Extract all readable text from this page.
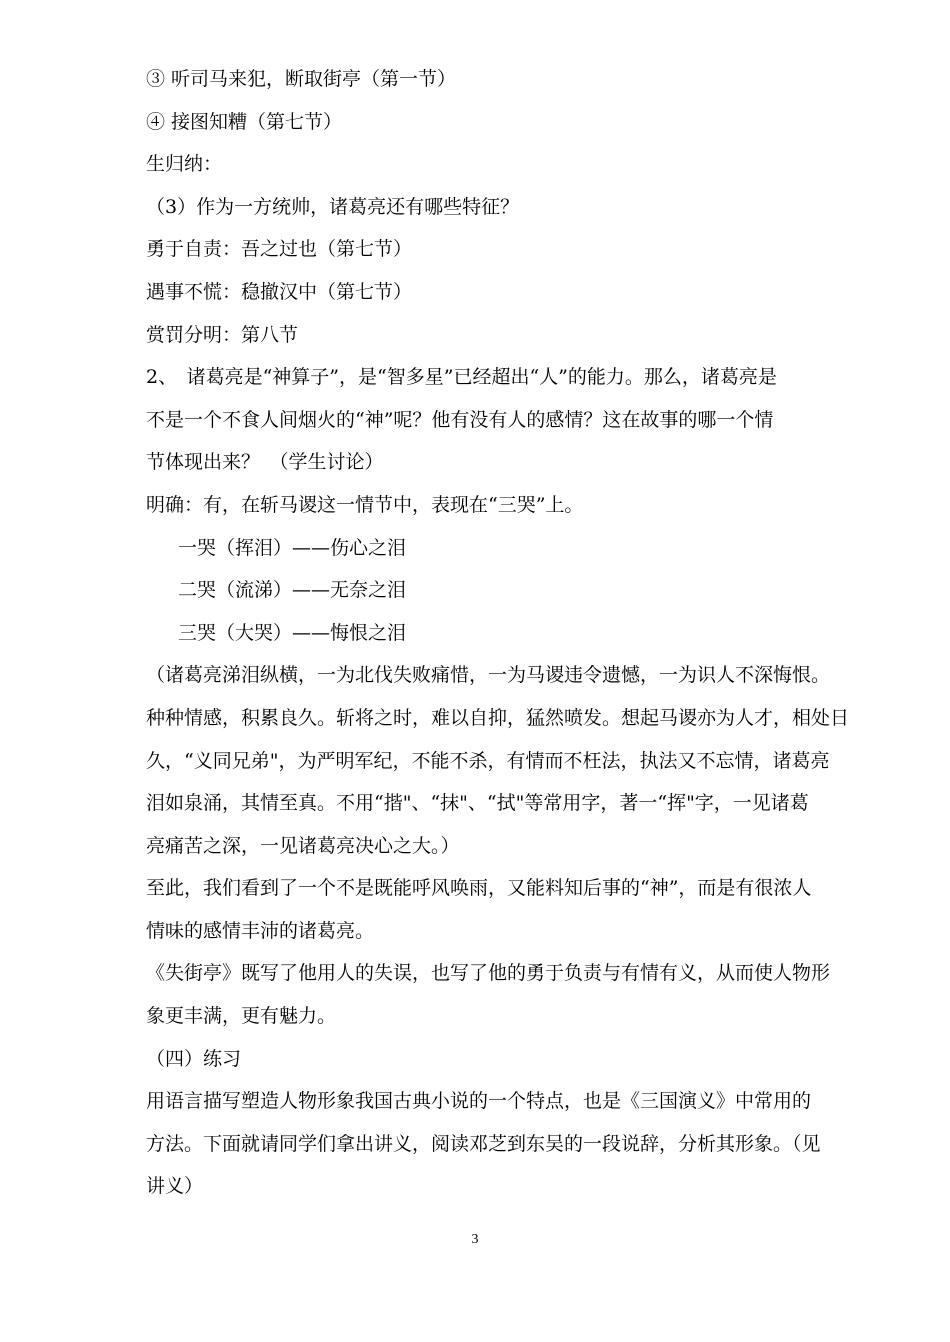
③ 听司马来犯，断取街亭（第一节）
④ 接图知糟（第七节）
生归纳：
（3）作为一方统帅，诸葛亮还有哪些特征？
勇于自责：吾之过也（第七节）
遇事不慌：稳撤汉中（第七节）
赏罚分明：第八节
2、　诸葛亮是“神算子”，是“智多星”已经超出“人”的能力。那么，诸葛亮是
不是一个不食人间烟火的“神”呢？他有没有人的感情？这在故事的哪一个情
节体现出来？　（学生讨论）
明确：有，在斩马谡这一情节中，表现在“三哭”上。
一哭（挥泪）——伤心之泪
二哭（流涕）——无奈之泪
三哭（大哭）——悔恨之泪
（诸葛亮涕泪纵横，一为北伐失败痛惜，一为马谡违令遗憾，一为识人不深悔恨。
种种情感，积累良久。斩将之时，难以自抑，猛然喷发。想起马谡亦为人才，相处日
久，“义同兄弟"，为严明军纪，不能不杀，有情而不枉法，执法又不忘情，诸葛亮
泪如泉涌，其情至真。不用“揩"、“抹"、“拭"等常用字，著一“挥"字，一见诸葛
亮痛苦之深，一见诸葛亮决心之大。）
至此，我们看到了一个不是既能呼风唤雨，又能料知后事的“神”，而是有很浓人
情味的感情丰沛的诸葛亮。
《失街亭》既写了他用人的失误，也写了他的勇于负责与有情有义，从而使人物形
象更丰满，更有魅力。
（四）练习
用语言描写塑造人物形象我国古典小说的一个特点，也是《三国演义》中常用的
方法。下面就请同学们拿出讲义，阅读邓芝到东吴的一段说辞，分析其形象。（见
讲义）
3
